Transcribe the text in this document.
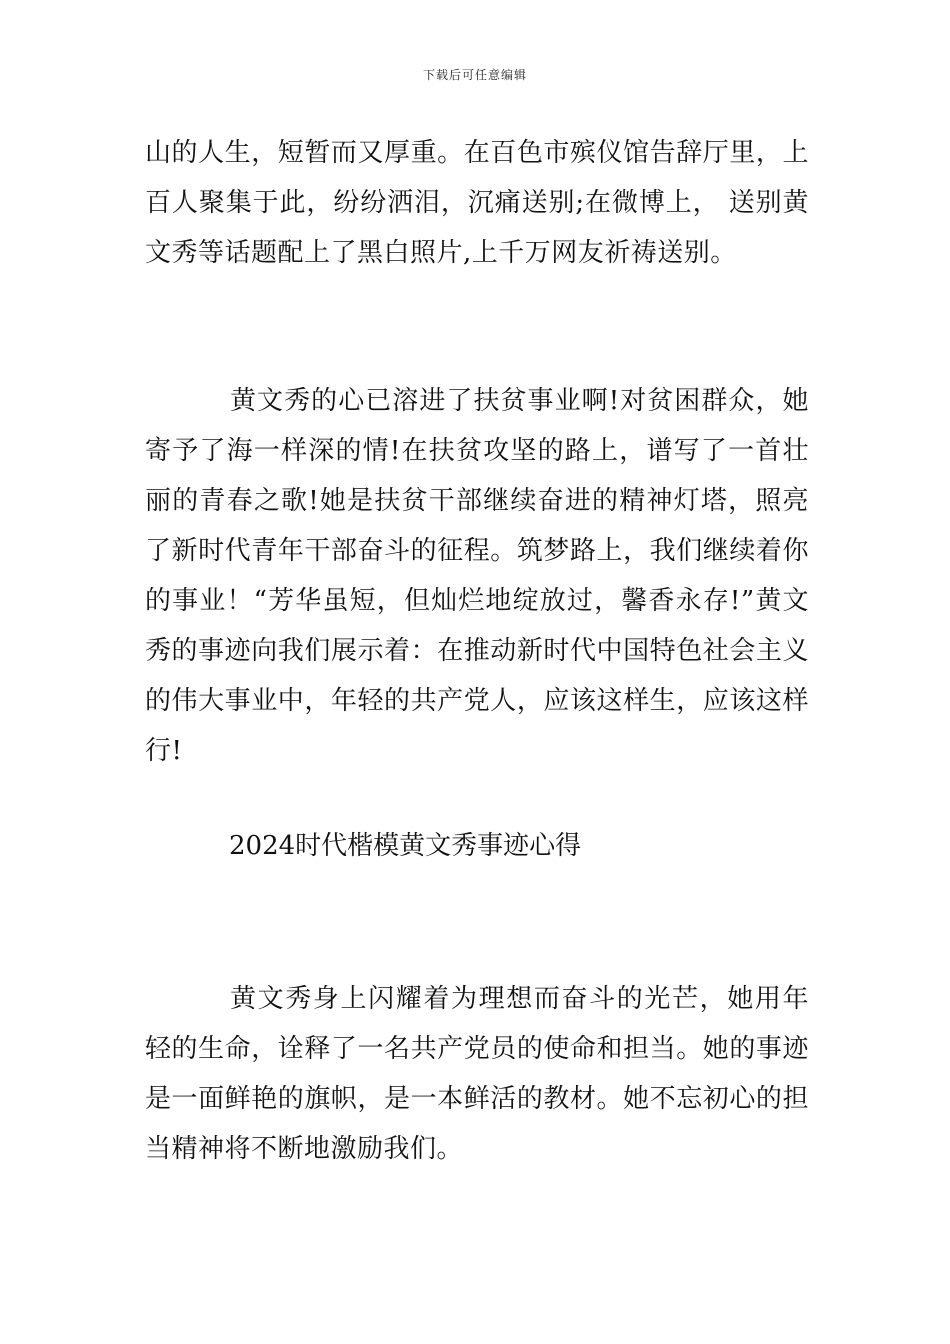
下载后可任意编辑

山的人生，短暂而又厚重。在百色市殡仪馆告辞厅里，上百人聚集于此，纷纷洒泪，沉痛送别;在微博上， 送别黄文秀等话题配上了黑白照片,上千万网友祈祷送别。

黄文秀的心已溶进了扶贫事业啊!对贫困群众，她寄予了海一样深的情!在扶贫攻坚的路上，谱写了一首壮丽的青春之歌!她是扶贫干部继续奋进的精神灯塔，照亮了新时代青年干部奋斗的征程。筑梦路上，我们继续着你的事业！“芳华虽短，但灿烂地绽放过，馨香永存!”黄文秀的事迹向我们展示着：在推动新时代中国特色社会主义的伟大事业中，年轻的共产党人，应该这样生，应该这样行!

2024时代楷模黄文秀事迹心得

黄文秀身上闪耀着为理想而奋斗的光芒，她用年轻的生命，诠释了一名共产党员的使命和担当。她的事迹是一面鲜艳的旗帜，是一本鲜活的教材。她不忘初心的担当精神将不断地激励我们。
